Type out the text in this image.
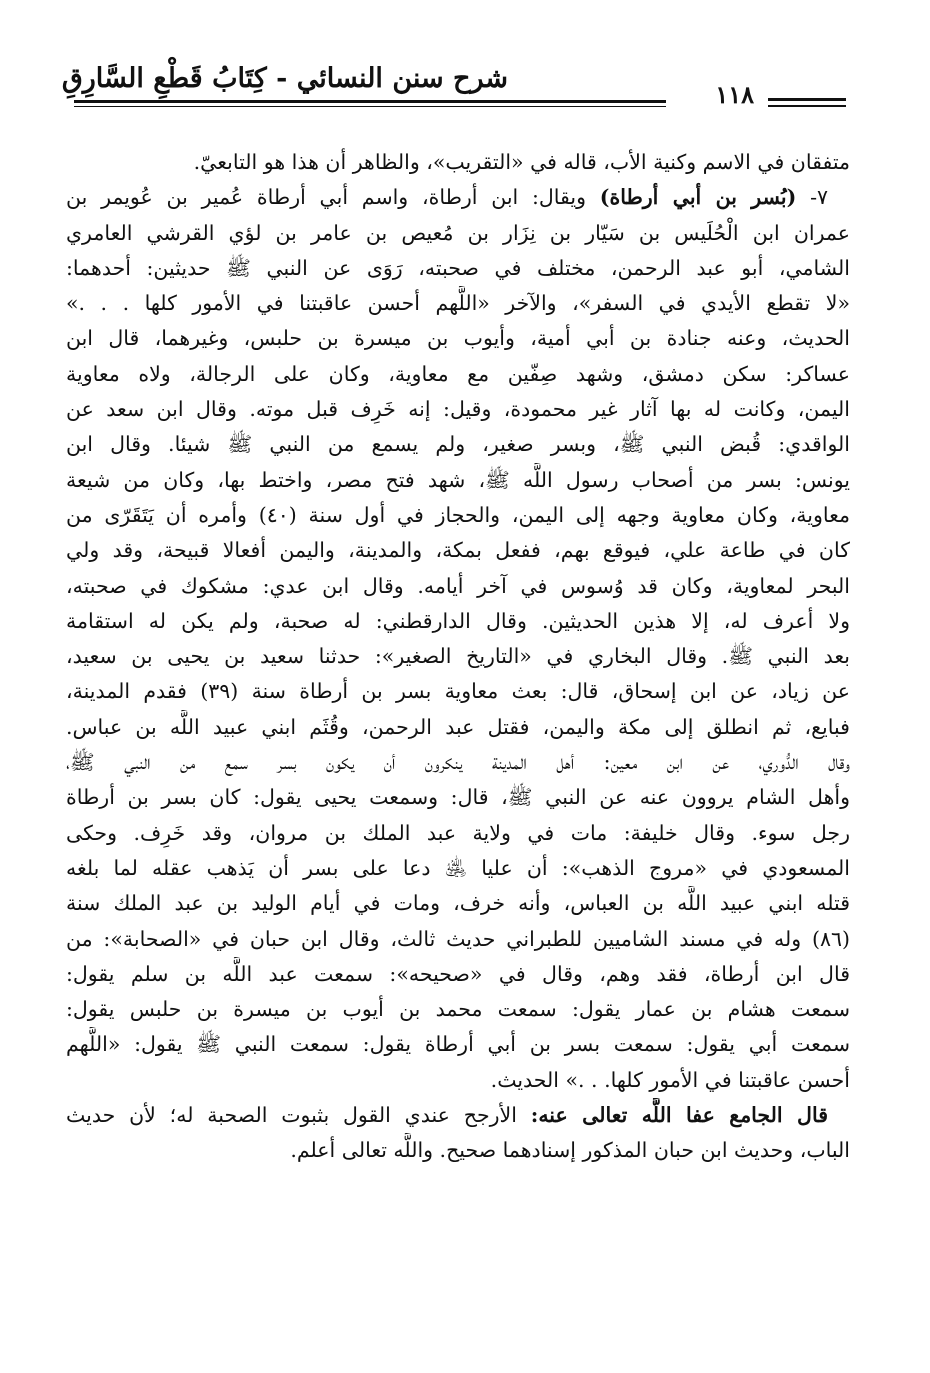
شرح سنن النسائي - كِتَابُ قَطْعِ السَّارِقِ
١١٨
متفقان في الاسم وكنية الأب، قاله في «التقريب»، والظاهر أن هذا هو التابعيّ.
٧- (بُسر بن أبي أرطاة) ويقال: ابن أرطاة، واسم أبي أرطاة عُمير بن عُويمر بن
عمران ابن الْحُلَيس بن سَيّار بن نِزَار بن مُعيص بن عامر بن لؤي القرشي العامري
الشامي، أبو عبد الرحمن، مختلف في صحبته، رَوَى عن النبي ﷺ حديثين: أحدهما:
«لا تقطع الأيدي في السفر»، والآخر «اللَّهم أحسن عاقبتنا في الأمور كلها . . .»
الحديث، وعنه جنادة بن أبي أمية، وأيوب بن ميسرة بن حلبس، وغيرهما، قال ابن
عساكر: سكن دمشق، وشهد صِفّين مع معاوية، وكان على الرجالة، ولاه معاوية
اليمن، وكانت له بها آثار غير محمودة، وقيل: إنه خَرِف قبل موته. وقال ابن سعد عن
الواقدي: قُبض النبي ﷺ، وبسر صغير، ولم يسمع من النبي ﷺ شيئا. وقال ابن
يونس: بسر من أصحاب رسول اللَّه ﷺ، شهد فتح مصر، واختط بها، وكان من شيعة
معاوية، وكان معاوية وجهه إلى اليمن، والحجاز في أول سنة (٤٠) وأمره أن يَتَقَرّى من
كان في طاعة علي، فيوقع بهم، ففعل بمكة، والمدينة، واليمن أفعالا قبيحة، وقد ولي
البحر لمعاوية، وكان قد وُسوس في آخر أيامه. وقال ابن عدي: مشكوك في صحبته،
ولا أعرف له، إلا هذين الحديثين. وقال الدارقطني: له صحبة، ولم يكن له استقامة
بعد النبي ﷺ. وقال البخاري في «التاريخ الصغير»: حدثنا سعيد بن يحيى بن سعيد،
عن زياد، عن ابن إسحاق، قال: بعث معاوية بسر بن أرطاة سنة (٣٩) فقدم المدينة،
فبايع، ثم انطلق إلى مكة واليمن، فقتل عبد الرحمن، وقُثَم ابني عبيد اللَّه بن عباس.
وقال الدُّوري، عن ابن معين: أهل المدينة ينكرون أن يكون بسر سمع من النبي ﷺ،
وأهل الشام يروون عنه عن النبي ﷺ، قال: وسمعت يحيى يقول: كان بسر بن أرطاة
رجل سوء. وقال خليفة: مات في ولاية عبد الملك بن مروان، وقد خَرِف. وحكى
المسعودي في «مروج الذهب»: أن عليا ﵁ دعا على بسر أن يَذهب عقله لما بلغه
قتله ابني عبيد اللَّه بن العباس، وأنه خرف، ومات في أيام الوليد بن عبد الملك سنة
(٨٦) وله في مسند الشاميين للطبراني حديث ثالث، وقال ابن حبان في «الصحابة»: من
قال ابن أرطاة، فقد وهم، وقال في «صحيحه»: سمعت عبد اللَّه بن سلم يقول:
سمعت هشام بن عمار يقول: سمعت محمد بن أيوب بن ميسرة بن حلبس يقول:
سمعت أبي يقول: سمعت بسر بن أبي أرطاة يقول: سمعت النبي ﷺ يقول: «اللَّهم
أحسن عاقبتنا في الأمور كلها. . .» الحديث.
قال الجامع عفا اللَّه تعالى عنه: الأرجح عندي القول بثبوت الصحبة له؛ لأن حديث
الباب، وحديث ابن حبان المذكور إسنادهما صحيح. واللَّه تعالى أعلم.
